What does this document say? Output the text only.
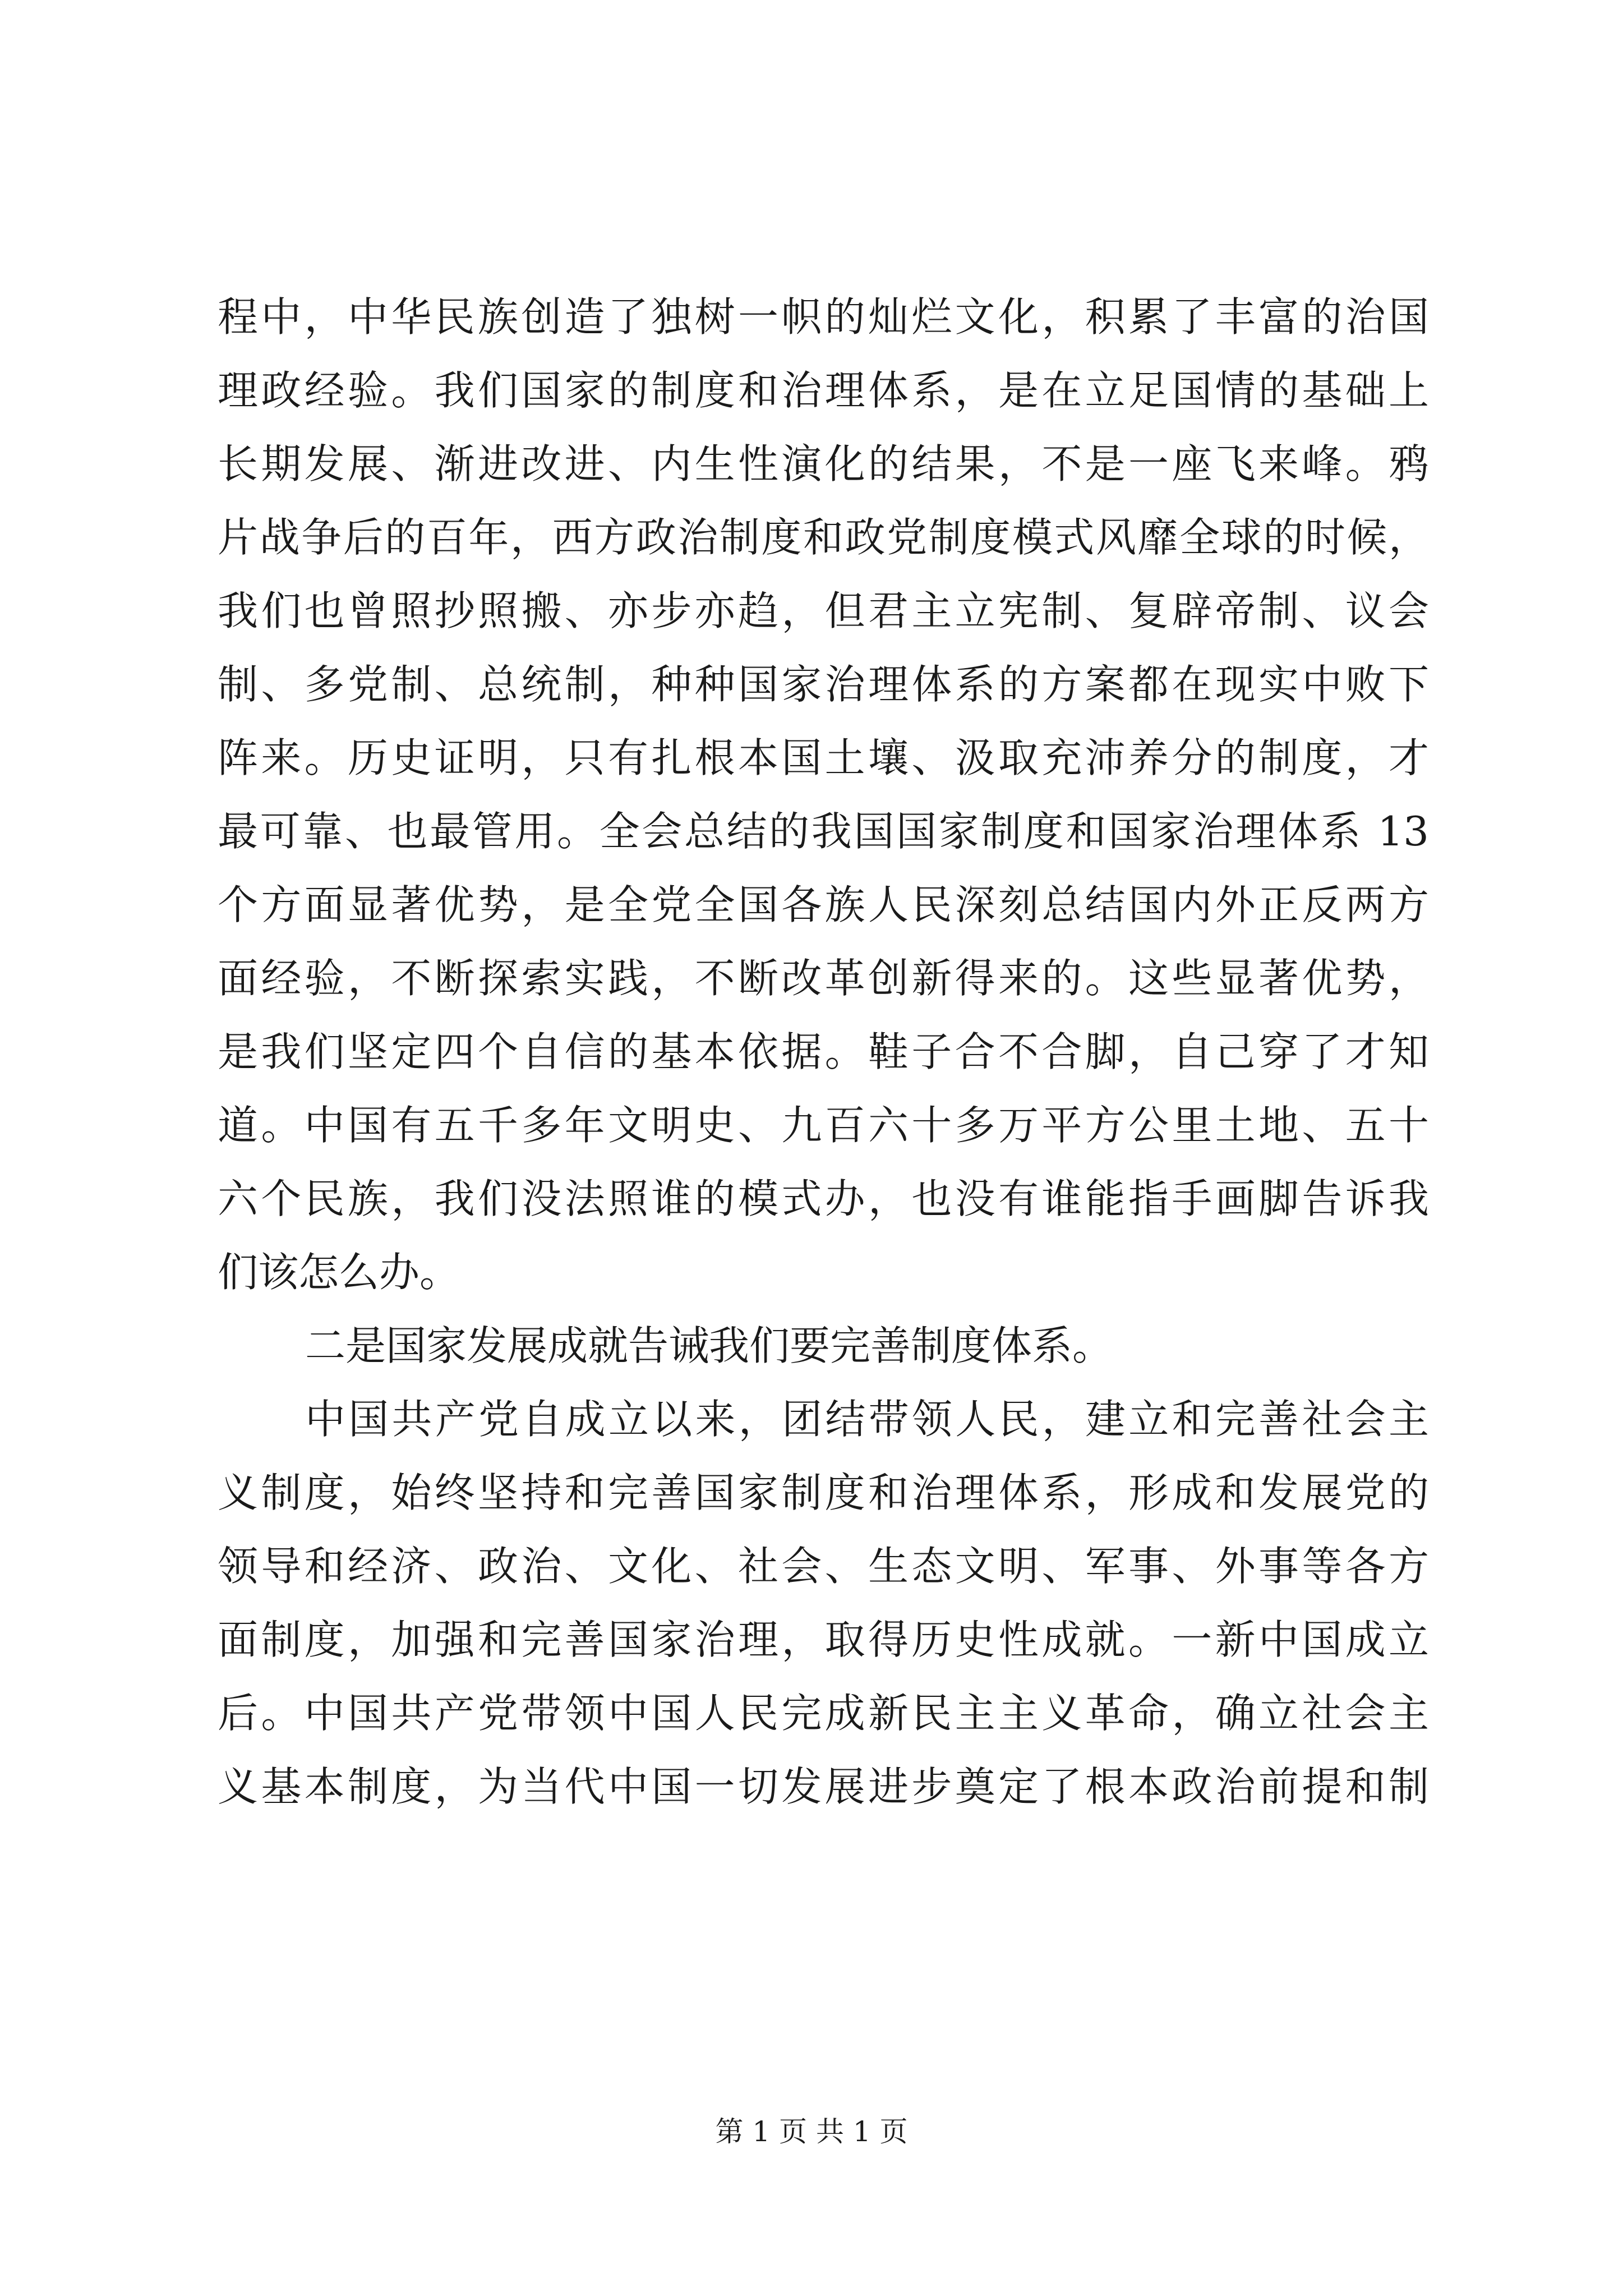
程中，中华民族创造了独树一帜的灿烂文化，积累了丰富的治国
理政经验。我们国家的制度和治理体系，是在立足国情的基础上
长期发展、渐进改进、内生性演化的结果，不是一座飞来峰。鸦
片战争后的百年，西方政治制度和政党制度模式风靡全球的时候，
我们也曾照抄照搬、亦步亦趋，但君主立宪制、复辟帝制、议会
制、多党制、总统制，种种国家治理体系的方案都在现实中败下
阵来。历史证明，只有扎根本国土壤、汲取充沛养分的制度，才
最可靠、也最管用。全会总结的我国国家制度和国家治理体系 13
个方面显著优势，是全党全国各族人民深刻总结国内外正反两方
面经验，不断探索实践，不断改革创新得来的。这些显著优势，
是我们坚定四个自信的基本依据。鞋子合不合脚，自己穿了才知
道。中国有五千多年文明史、九百六十多万平方公里土地、五十
六个民族，我们没法照谁的模式办，也没有谁能指手画脚告诉我
们该怎么办。
二是国家发展成就告诫我们要完善制度体系。
中国共产党自成立以来，团结带领人民，建立和完善社会主
义制度，始终坚持和完善国家制度和治理体系，形成和发展党的
领导和经济、政治、文化、社会、生态文明、军事、外事等各方
面制度，加强和完善国家治理，取得历史性成就。一新中国成立
后。中国共产党带领中国人民完成新民主主义革命，确立社会主
义基本制度，为当代中国一切发展进步奠定了根本政治前提和制
第 1 页 共 1 页
